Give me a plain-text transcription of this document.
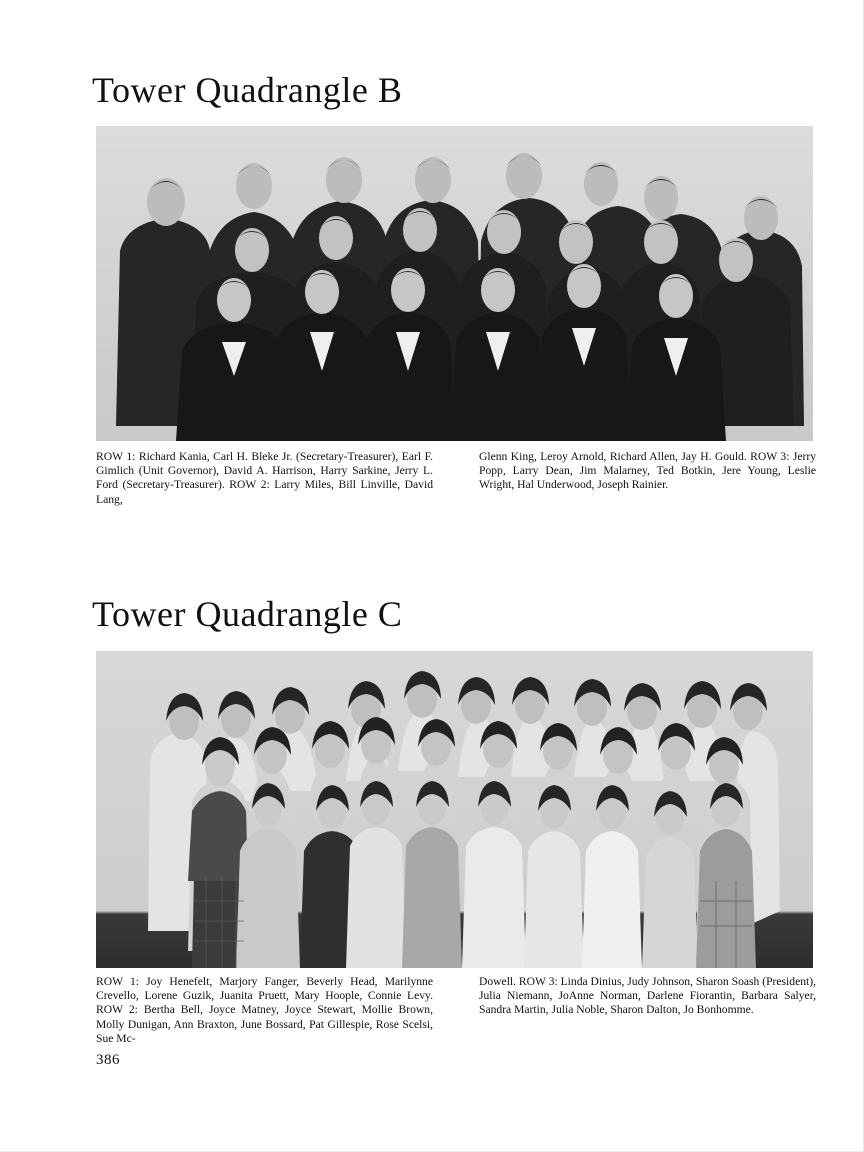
Tower Quadrangle B
ROW 1: Richard Kania, Carl H. Bleke Jr. (Secretary-Treasurer), Earl F. Gimlich (Unit Governor), David A. Harrison, Harry Sarkine, Jerry L. Ford (Secretary-Treasurer). ROW 2: Larry Miles, Bill Linville, David Lang,
Glenn King, Leroy Arnold, Richard Allen, Jay H. Gould. ROW 3: Jerry Popp, Larry Dean, Jim Malarney, Ted Botkin, Jere Young, Leslie Wright, Hal Underwood, Joseph Rainier.
Tower Quadrangle C
ROW 1: Joy Henefelt, Marjory Fanger, Beverly Head, Marilynne Crevello, Lorene Guzik, Juanita Pruett, Mary Hoople, Connie Levy. ROW 2: Bertha Bell, Joyce Matney, Joyce Stewart, Mollie Brown, Molly Dunigan, Ann Braxton, June Bossard, Pat Gillespie, Rose Scelsi, Sue Mc-
Dowell. ROW 3: Linda Dinius, Judy Johnson, Sharon Soash (President), Julia Niemann, JoAnne Norman, Darlene Fiorantin, Barbara Salyer, Sandra Martin, Julia Noble, Sharon Dalton, Jo Bonhomme.
386
